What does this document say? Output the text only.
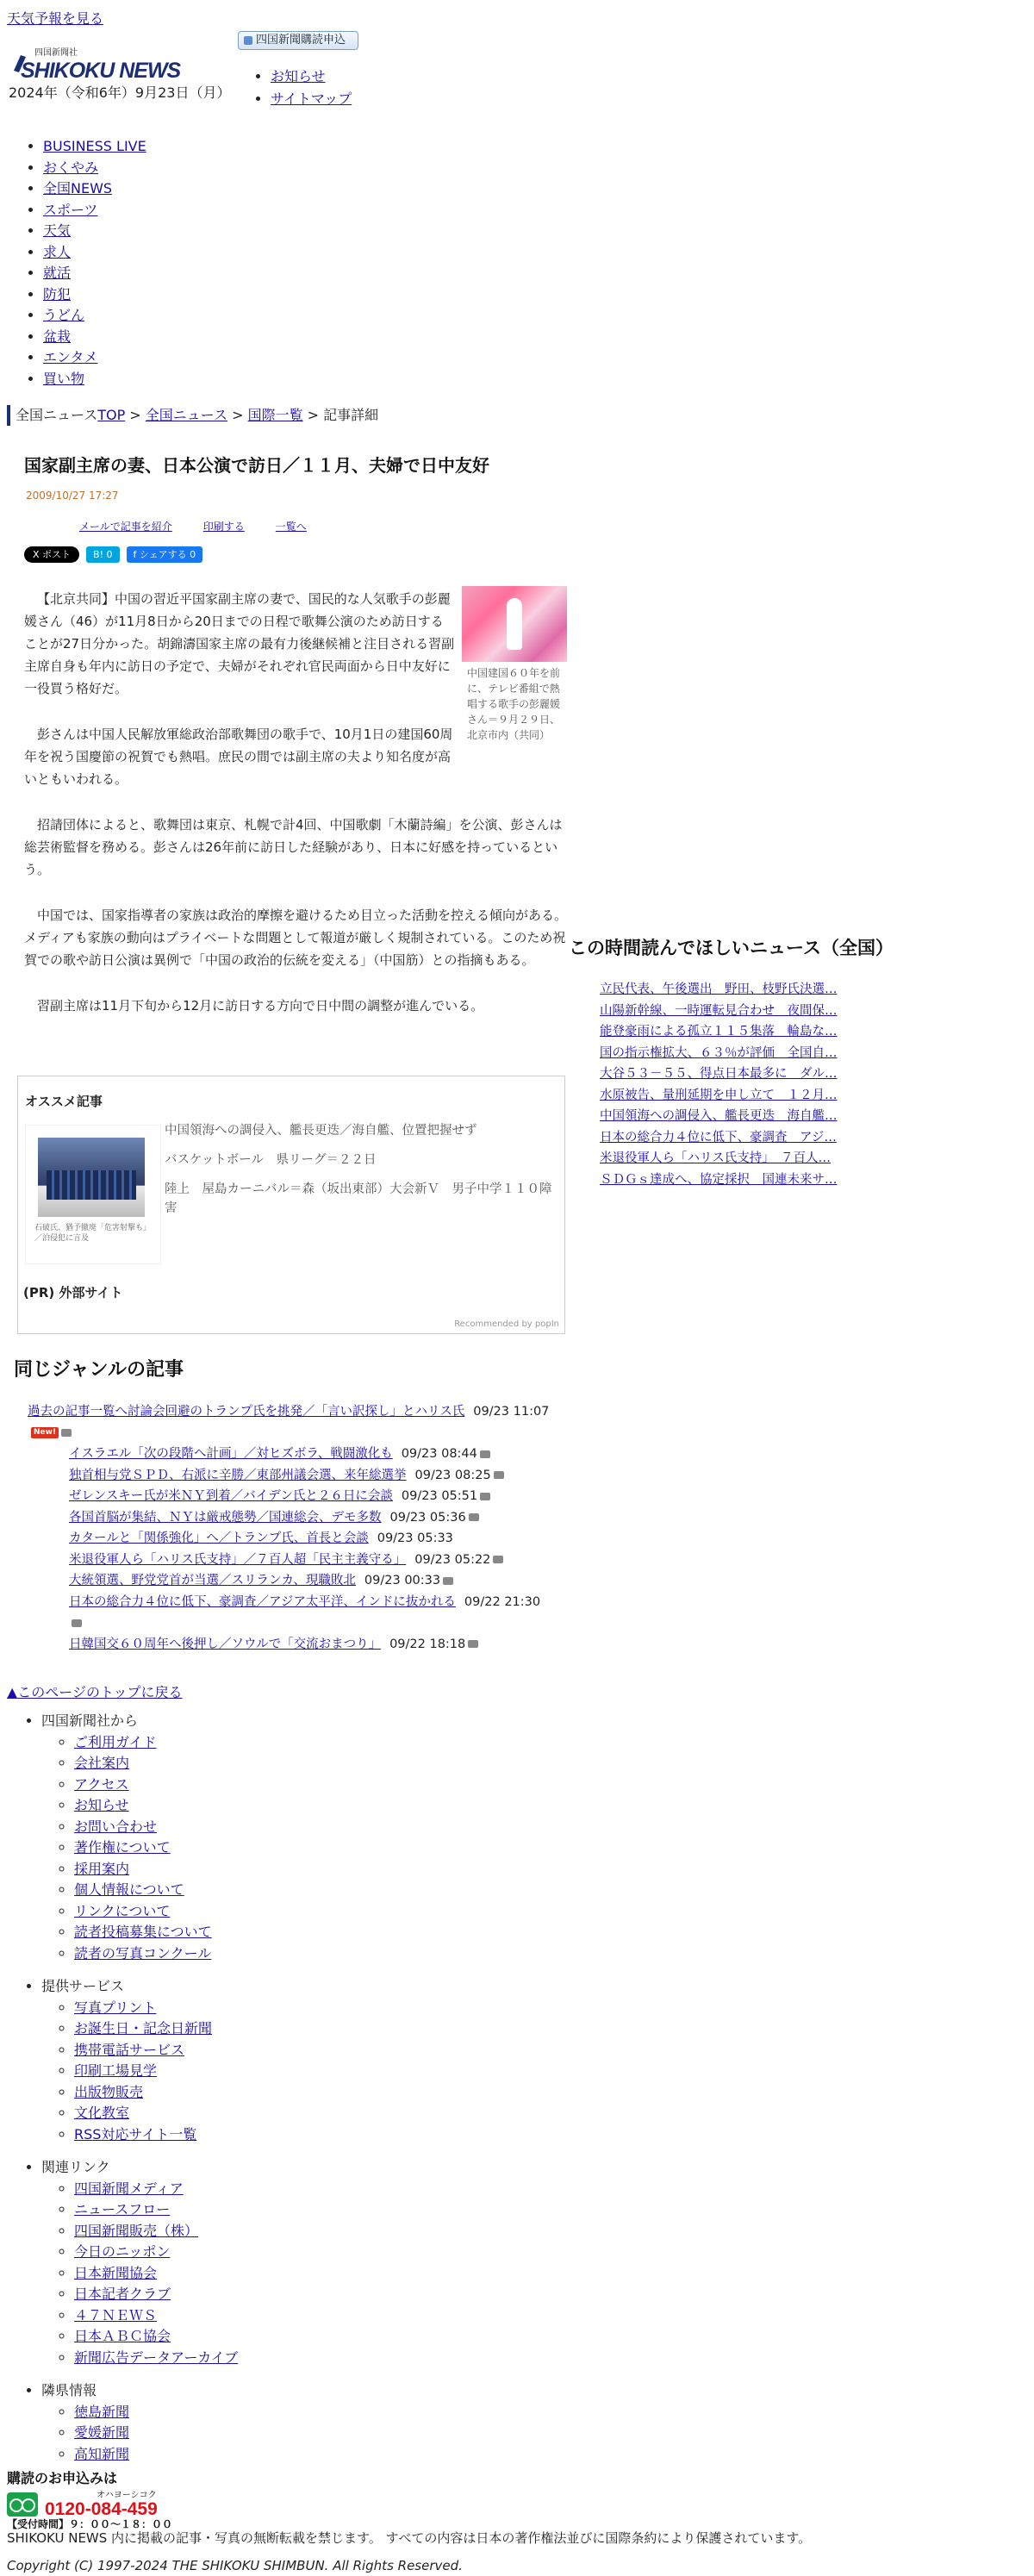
天気予報を見る
四国新聞社
SHIKOKU NEWS
2024年（令和6年）9月23日（月）
四国新聞購読申込
• お知らせ
• サイトマップ
• BUSINESS LIVE
• おくやみ
• 全国NEWS
• スポーツ
• 天気
• 求人
• 就活
• 防犯
• うどん
• 盆栽
• エンタメ
• 買い物
全国ニュースTOP > 全国ニュース > 国際一覧 > 記事詳細
国家副主席の妻、日本公演で訪日／１１月、夫婦で日中友好
2009/10/27 17:27
メールで記事を紹介	印刷する	一覧へ
X ポスト	B! 0	f シェアする 0
中国建国６０年を前に、テレビ番組で熱唱する歌手の彭麗媛さん＝９月２９日、北京市内（共同）

【北京共同】中国の習近平国家副主席の妻で、国民的な人気歌手の彭麗媛さん（46）が11月8日から20日までの日程で歌舞公演のため訪日することが27日分かった。胡錦濤国家主席の最有力後継候補と注目される習副主席自身も年内に訪日の予定で、夫婦がそれぞれ官民両面から日中友好に一役買う格好だ。

彭さんは中国人民解放軍総政治部歌舞団の歌手で、10月1日の建国60周年を祝う国慶節の祝賀でも熱唱。庶民の間では副主席の夫より知名度が高いともいわれる。

招請団体によると、歌舞団は東京、札幌で計4回、中国歌劇「木蘭詩編」を公演、彭さんは総芸術監督を務める。彭さんは26年前に訪日した経験があり、日本に好感を持っているという。

中国では、国家指導者の家族は政治的摩擦を避けるため目立った活動を控える傾向がある。メディアも家族の動向はプライベートな問題として報道が厳しく規制されている。このため祝賀での歌や訪日公演は異例で「中国の政治的伝統を変える」（中国筋）との指摘もある。

習副主席は11月下旬から12月に訪日する方向で日中間の調整が進んでいる。

オススメ記事
石破氏、猶予撤廃「危害射撃も」／泊侵犯に言及
中国領海への調侵入、艦長更迭／海自艦、位置把握せず
バスケットボール　県リーグ＝２２日
陸上　屋島カーニバル＝森（坂出東部）大会新Ｖ　男子中学１１０障害
(PR) 外部サイト
Recommended by popIn
この時間読んでほしいニュース（全国）
1. 立民代表、午後選出　野田、枝野氏決選…
2. 山陽新幹線、一時運転見合わせ　夜間保…
3. 能登豪雨による孤立１１５集落　輪島な…
4. 国の指示権拡大、６３％が評価　全国自…
5. 大谷５３－５５、得点日本最多に　ダル…
6. 水原被告、量刑延期を申し立て　１２月…
7. 中国領海への調侵入、艦長更迭　海自艦…
8. 日本の総合力４位に低下、豪調査　アジ…
9. 米退役軍人ら「ハリス氏支持」　７百人…
10. ＳＤＧｓ達成へ、協定採択　国連未来サ…
同じジャンルの記事
過去の記事一覧へ討論会回避のトランプ氏を挑発／「言い訳探し」とハリス氏 09/23 11:07New!
イスラエル「次の段階へ計画」／対ヒズボラ、戦闘激化も 09/23 08:44
独首相与党ＳＰＤ、右派に辛勝／東部州議会選、来年総選挙 09/23 08:25
ゼレンスキー氏が米ＮＹ到着／バイデン氏と２６日に会談 09/23 05:51
各国首脳が集結、ＮＹは厳戒態勢／国連総会、デモ多数 09/23 05:36
カタールと「関係強化」へ／トランプ氏、首長と会談 09/23 05:33
米退役軍人ら「ハリス氏支持」／７百人超「民主主義守る」 09/23 05:22
大統領選、野党党首が当選／スリランカ、現職敗北 09/23 00:33
日本の総合力４位に低下、豪調査／アジア太平洋、インドに抜かれる 09/22 21:30
日韓国交６０周年へ後押し／ソウルで「交流おまつり」 09/22 18:18
▲このページのトップに戻る
• 四国新聞社から
◦ ご利用ガイド
◦ 会社案内
◦ アクセス
◦ お知らせ
◦ お問い合わせ
◦ 著作権について
◦ 採用案内
◦ 個人情報について
◦ リンクについて
◦ 読者投稿募集について
◦ 読者の写真コンクール
• 提供サービス
◦ 写真プリント
◦ お誕生日・記念日新聞
◦ 携帯電話サービス
◦ 印刷工場見学
◦ 出版物販売
◦ 文化教室
◦ RSS対応サイト一覧
• 関連リンク
◦ 四国新聞メディア
◦ ニュースフロー
◦ 四国新聞販売（株）
◦ 今日のニッポン
◦ 日本新聞協会
◦ 日本記者クラブ
◦ ４７ＮＥＷＳ
◦ 日本ＡＢＣ協会
◦ 新聞広告データアーカイブ
• 隣県情報
◦ 徳島新聞
◦ 愛媛新聞
◦ 高知新聞
購読のお申込みは
オハヨーシコク
0120-084-459
【受付時間】９：００～１８：００
SHIKOKU NEWS 内に掲載の記事・写真の無断転載を禁じます。 すべての内容は日本の著作権法並びに国際条約により保護されています。
Copyright (C) 1997-2024 THE SHIKOKU SHIMBUN. All Rights Reserved.
